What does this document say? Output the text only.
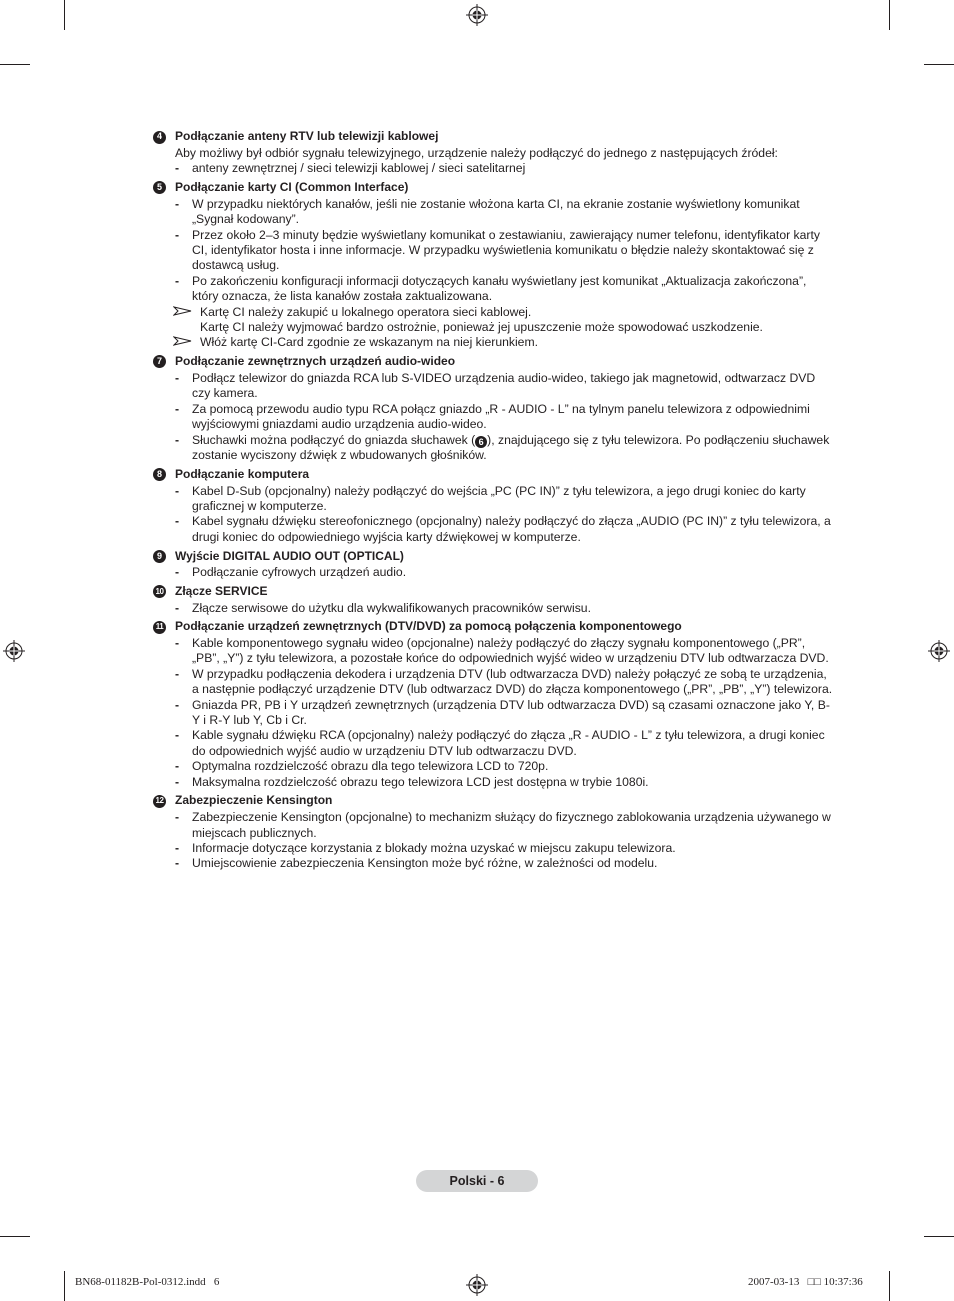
4	Podłączanie anteny RTV lub telewizji kablowej
Aby możliwy był odbiór sygnału telewizyjnego, urządzenie należy podłączyć do jednego z następujących źródeł:
-	anteny zewnętrznej / sieci telewizji kablowej / sieci satelitarnej
5	Podłączanie karty CI (Common Interface)
-	W przypadku niektórych kanałów, jeśli nie zostanie włożona karta CI, na ekranie zostanie wyświetlony komunikat „Sygnał kodowany”.
-	Przez około 2–3 minuty będzie wyświetlany komunikat o zestawianiu, zawierający numer telefonu, identyfikator karty CI, identyfikator hosta i inne informacje. W przypadku wyświetlenia komunikatu o błędzie należy skontaktować się z dostawcą usług.
-	Po zakończeniu konfiguracji informacji dotyczących kanału wyświetlany jest komunikat „Aktualizacja zakończona”, który oznacza, że lista kanałów została zaktualizowana.
Kartę CI należy zakupić u lokalnego operatora sieci kablowej.
Kartę CI należy wyjmować bardzo ostrożnie, ponieważ jej upuszczenie może spowodować uszkodzenie.
Włóż kartę CI-Card zgodnie ze wskazanym na niej kierunkiem.
7	Podłączanie zewnętrznych urządzeń audio-wideo
-	Podłącz telewizor do gniazda RCA lub S-VIDEO urządzenia audio-wideo, takiego jak magnetowid, odtwarzacz DVD czy kamera.
-	Za pomocą przewodu audio typu RCA połącz gniazdo „R - AUDIO - L” na tylnym panelu telewizora z odpowiednimi wyjściowymi gniazdami audio urządzenia audio-wideo.
-	Słuchawki można podłączyć do gniazda słuchawek ( 6 ), znajdującego się z tyłu telewizora. Po podłączeniu słuchawek zostanie wyciszony dźwięk z wbudowanych głośników.
8	Podłączanie komputera
-	Kabel D-Sub (opcjonalny) należy podłączyć do wejścia „PC (PC IN)” z tyłu telewizora, a jego drugi koniec do karty graficznej w komputerze.
-	Kabel sygnału dźwięku stereofonicznego (opcjonalny) należy podłączyć do złącza „AUDIO (PC IN)” z tyłu telewizora, a drugi koniec do odpowiedniego wyjścia karty dźwiękowej w komputerze.
9	Wyjście DIGITAL AUDIO OUT (OPTICAL)
-	Podłączanie cyfrowych urządzeń audio.
10 Złącze SERVICE
-	Złącze serwisowe do użytku dla wykwalifikowanych pracowników serwisu.
11 Podłączanie urządzeń zewnętrznych (DTV/DVD) za pomocą połączenia komponentowego
-	Kable komponentowego sygnału wideo (opcjonalne) należy podłączyć do złączy sygnału komponentowego („PR”, „PB”, „Y”) z tyłu telewizora, a pozostałe końce do odpowiednich wyjść wideo w urządzeniu DTV lub odtwarzacza DVD.
-	W przypadku podłączenia dekodera i urządzenia DTV (lub odtwarzacza DVD) należy połączyć ze sobą te urządzenia, a następnie podłączyć urządzenie DTV (lub odtwarzacz DVD) do złącza komponentowego („PR”, „PB”, „Y”) telewizora.
-	Gniazda PR, PB i Y urządzeń zewnętrznych (urządzenia DTV lub odtwarzacza DVD) są czasami oznaczone jako Y, B-Y i R-Y lub Y, Cb i Cr.
-	Kable sygnału dźwięku RCA (opcjonalny) należy podłączyć do złącza „R - AUDIO - L” z tyłu telewizora, a drugi koniec do odpowiednich wyjść audio w urządzeniu DTV lub odtwarzaczu DVD.
-	Optymalna rozdzielczość obrazu dla tego telewizora LCD to 720p.
-	Maksymalna rozdzielczość obrazu tego telewizora LCD jest dostępna w trybie 1080i.
12 Zabezpieczenie Kensington
-	Zabezpieczenie Kensington (opcjonalne) to mechanizm służący do fizycznego zablokowania urządzenia używanego w miejscach publicznych.
-	Informacje dotyczące korzystania z blokady można uzyskać w miejscu zakupu telewizora.
-	Umiejscowienie zabezpieczenia Kensington może być różne, w zależności od modelu.
Polski - 6
BN68-01182B-Pol-0312.indd   6	2007-03-13   □□ 10:37:36
